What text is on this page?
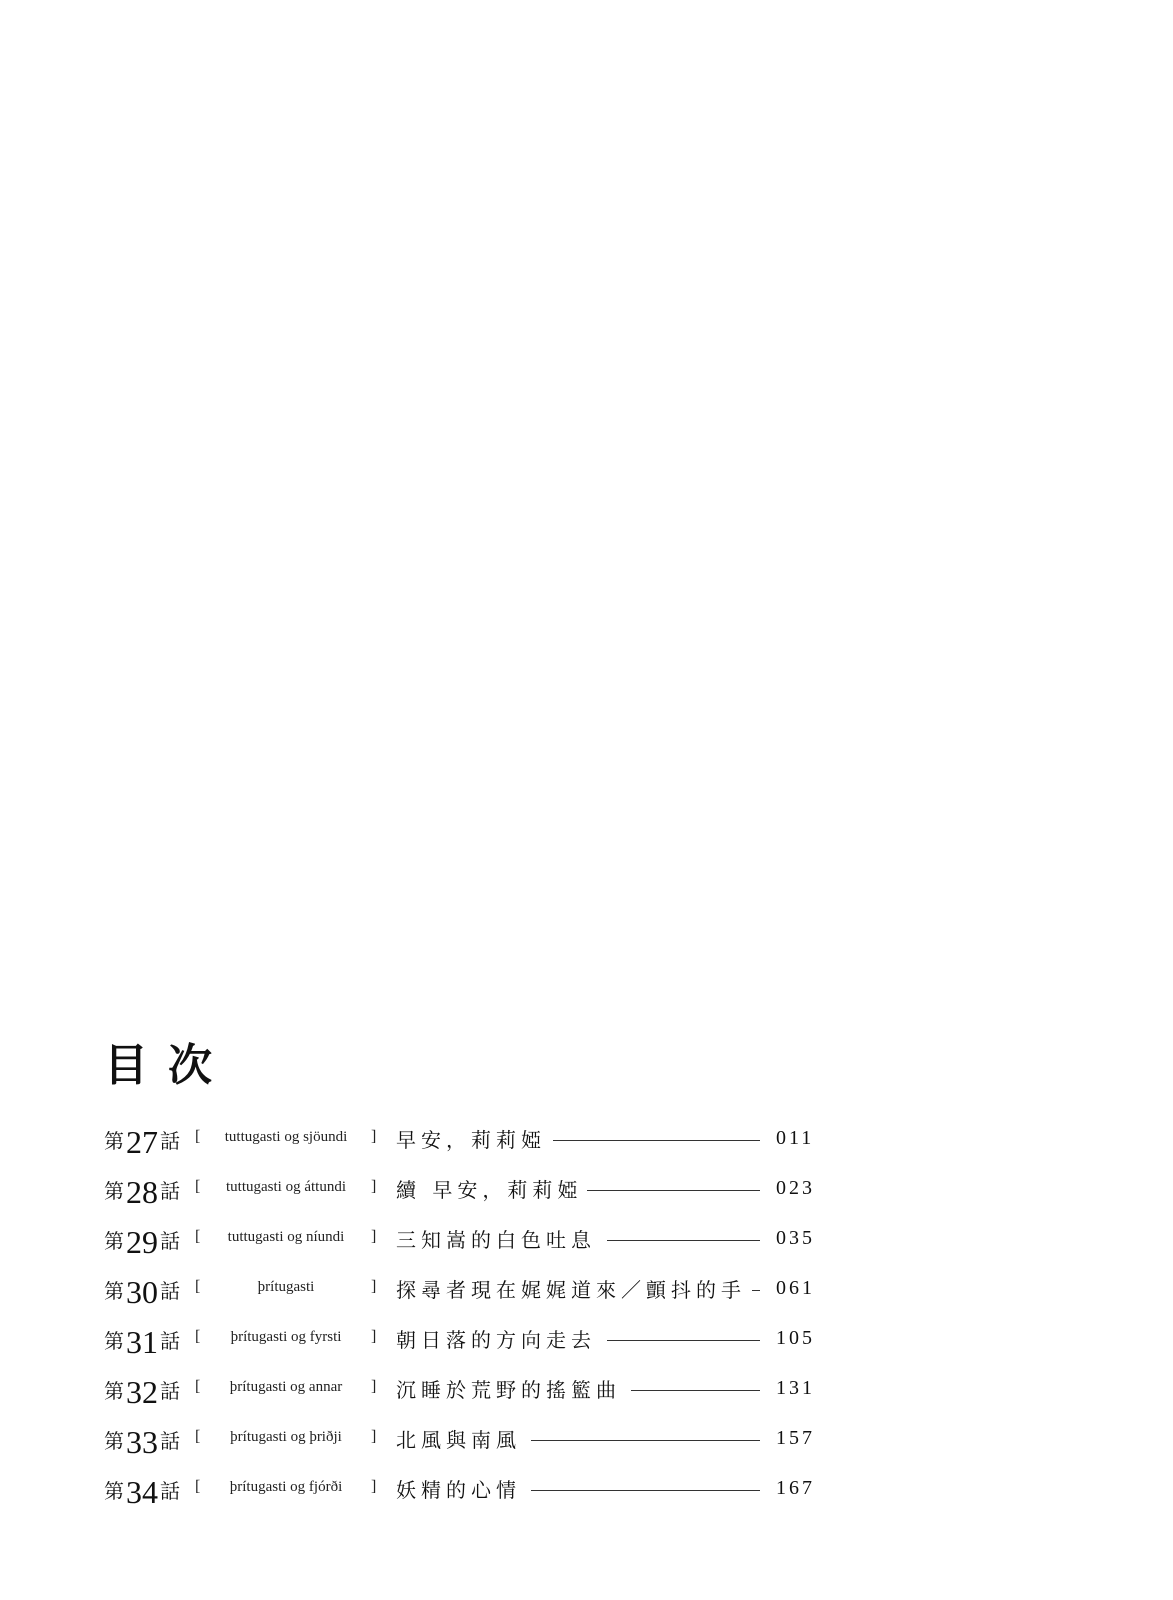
目次
第 27 話 [	tuttugasti og sjöundi	] 早安，莉莉婭	011
第 28 話 [	tuttugasti og áttundi	] 續 早安，莉莉婭	023
第 29 話 [	tuttugasti og níundi	] 三知嵩的白色吐息	035
第 30 話 [	þrítugasti	] 探尋者現在娓娓道來／顫抖的手 061
第 31 話 [	þrítugasti og fyrsti	] 朝日落的方向走去	105
第 32 話 [	þrítugasti og annar	] 沉睡於荒野的搖籃曲	131
第 33 話 [	þrítugasti og þriðji	] 北風與南風	157
第 34 話 [	þrítugasti og fjórði	] 妖精的心情	167
